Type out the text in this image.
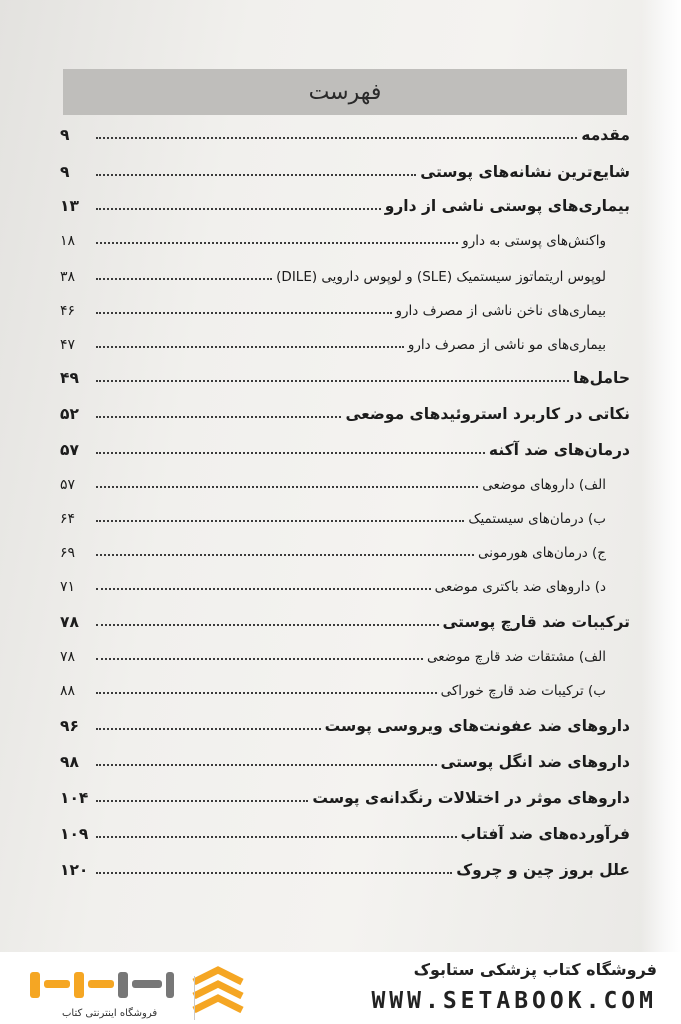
فهرست
مقدمه
۹
شایع‌ترین نشانه‌های پوستی
۹
بیماری‌های پوستی ناشی از دارو
۱۳
واکنش‌های پوستی به دارو
۱۸
لوپوس اریتماتوز سیستمیک (SLE) و لوپوس دارویی (DILE)
۳۸
بیماری‌های ناخن ناشی از مصرف دارو
۴۶
بیماری‌های مو ناشی از مصرف دارو
۴۷
حامل‌ها
۴۹
نکاتی در کاربرد استروئیدهای موضعی
۵۲
درمان‌های ضد آکنه
۵۷
الف) داروهای موضعی
۵۷
ب) درمان‌های سیستمیک
۶۴
ج) درمان‌های هورمونی
۶۹
د) داروهای ضد باکتری موضعی
۷۱
ترکیبات ضد قارچ پوستی
۷۸
الف) مشتقات ضد قارچ موضعی
۷۸
ب) ترکیبات ضد قارچ خوراکی
۸۸
داروهای ضد عفونت‌های ویروسی پوست
۹۶
داروهای ضد انگل پوستی
۹۸
داروهای موثر در اختلالات رنگدانه‌ی پوست
۱۰۴
فرآورده‌های ضد آفتاب
۱۰۹
علل بروز چین و چروک
۱۲۰
فروشگاه اینترنتی کتاب
فروشگاه کتاب پزشکی ستابوک
WWW.SETABOOK.COM
